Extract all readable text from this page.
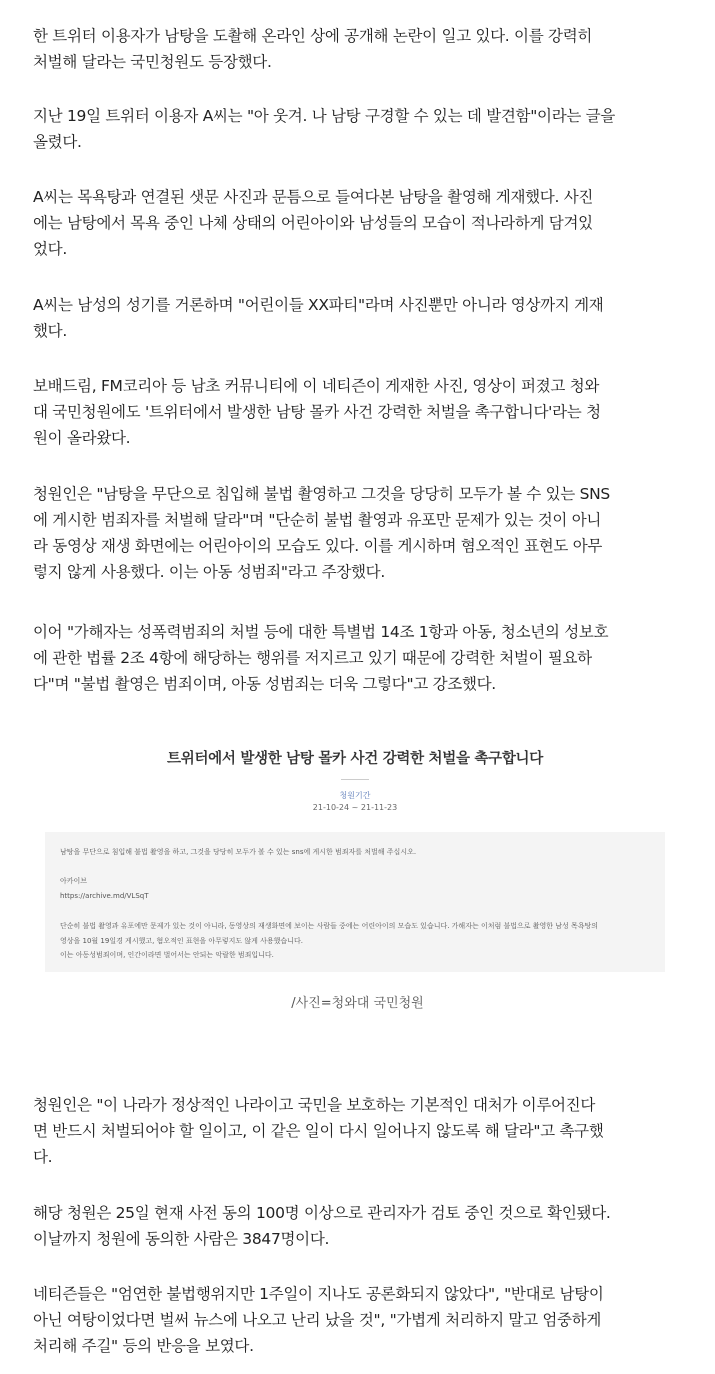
한 트위터 이용자가 남탕을 도촬해 온라인 상에 공개해 논란이 일고 있다. 이를 강력히
처벌해 달라는 국민청원도 등장했다.

지난 19일 트위터 이용자 A씨는 "아 웃겨. 나 남탕 구경할 수 있는 데 발견함"이라는 글을
올렸다.

A씨는 목욕탕과 연결된 샛문 사진과 문틈으로 들여다본 남탕을 촬영해 게재했다. 사진
에는 남탕에서 목욕 중인 나체 상태의 어린아이와 남성들의 모습이 적나라하게 담겨있
었다.

A씨는 남성의 성기를 거론하며 "어린이들 XX파티"라며 사진뿐만 아니라 영상까지 게재
했다.

보배드림, FM코리아 등 남초 커뮤니티에 이 네티즌이 게재한 사진, 영상이 퍼졌고 청와
대 국민청원에도 '트위터에서 발생한 남탕 몰카 사건 강력한 처벌을 촉구합니다'라는 청
원이 올라왔다.

청원인은 "남탕을 무단으로 침입해 불법 촬영하고 그것을 당당히 모두가 볼 수 있는 SNS
에 게시한 범죄자를 처벌해 달라"며 "단순히 불법 촬영과 유포만 문제가 있는 것이 아니
라 동영상 재생 화면에는 어린아이의 모습도 있다. 이를 게시하며 혐오적인 표현도 아무
렇지 않게 사용했다. 이는 아동 성범죄"라고 주장했다.

이어 "가해자는 성폭력범죄의 처벌 등에 대한 특별법 14조 1항과 아동, 청소년의 성보호
에 관한 법률 2조 4항에 해당하는 행위를 저지르고 있기 때문에 강력한 처벌이 필요하
다"며 "불법 촬영은 범죄이며, 아동 성범죄는 더욱 그렇다"고 강조했다.

트위터에서 발생한 남탕 몰카 사건 강력한 처벌을 촉구합니다
청원기간
21-10-24 ~ 21-11-23
남탕을 무단으로 침입해 불법 촬영을 하고, 그것을 당당히 모두가 볼 수 있는 sns에 게시한 범죄자를 처벌해 주십시오.
아카이브
https://archive.md/VLSqT
단순히 불법 촬영과 유포에만 문제가 있는 것이 아니라, 동영상의 재생화면에 보이는 사람들 중에는 어린아이의 모습도 있습니다. 가해자는 이처럼 불법으로 촬영한 남성 목욕탕의
영상을 10월 19일경 게시했고, 혐오적인 표현을 아무렇지도 않게 사용했습니다.
이는 아동성범죄이며, 인간이라면 벌어서는 안되는 악랄한 범죄입니다.
/사진=청와대 국민청원

청원인은 "이 나라가 정상적인 나라이고 국민을 보호하는 기본적인 대처가 이루어진다
면 반드시 처벌되어야 할 일이고, 이 같은 일이 다시 일어나지 않도록 해 달라"고 촉구했
다.

해당 청원은 25일 현재 사전 동의 100명 이상으로 관리자가 검토 중인 것으로 확인됐다.
이날까지 청원에 동의한 사람은 3847명이다.

네티즌들은 "엄연한 불법행위지만 1주일이 지나도 공론화되지 않았다", "반대로 남탕이
아닌 여탕이었다면 벌써 뉴스에 나오고 난리 났을 것", "가볍게 처리하지 말고 엄중하게
처리해 주길" 등의 반응을 보였다.
